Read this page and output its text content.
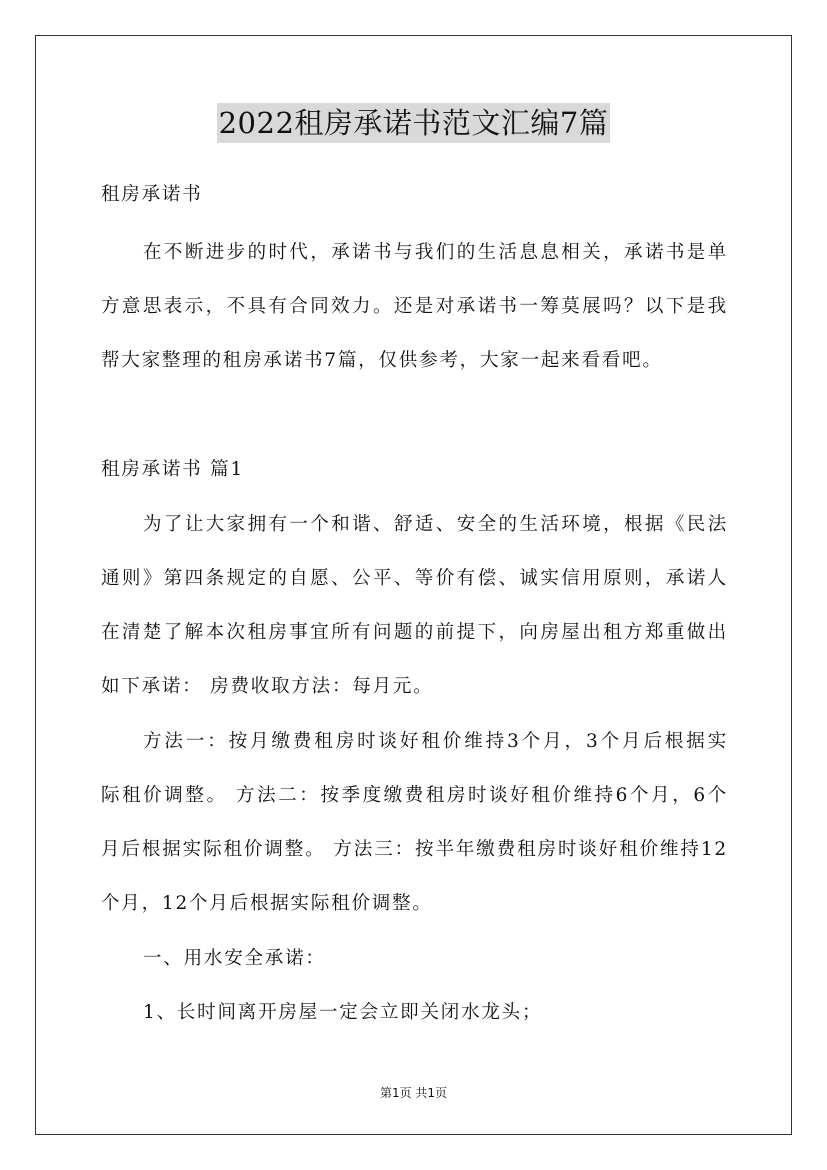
2022租房承诺书范文汇编7篇
租房承诺书
在不断进步的时代，承诺书与我们的生活息息相关，承诺书是单
方意思表示，不具有合同效力。还是对承诺书一筹莫展吗？以下是我
帮大家整理的租房承诺书7篇，仅供参考，大家一起来看看吧。
租房承诺书 篇1
为了让大家拥有一个和谐、舒适、安全的生活环境，根据《民法
通则》第四条规定的自愿、公平、等价有偿、诚实信用原则，承诺人
在清楚了解本次租房事宜所有问题的前提下，向房屋出租方郑重做出
如下承诺： 房费收取方法：每月元。
方法一：按月缴费租房时谈好租价维持3个月，3个月后根据实
际租价调整。 方法二：按季度缴费租房时谈好租价维持6个月，6个
月后根据实际租价调整。 方法三：按半年缴费租房时谈好租价维持12
个月，12个月后根据实际租价调整。
一、用水安全承诺：
1、长时间离开房屋一定会立即关闭水龙头；
第1页 共1页
